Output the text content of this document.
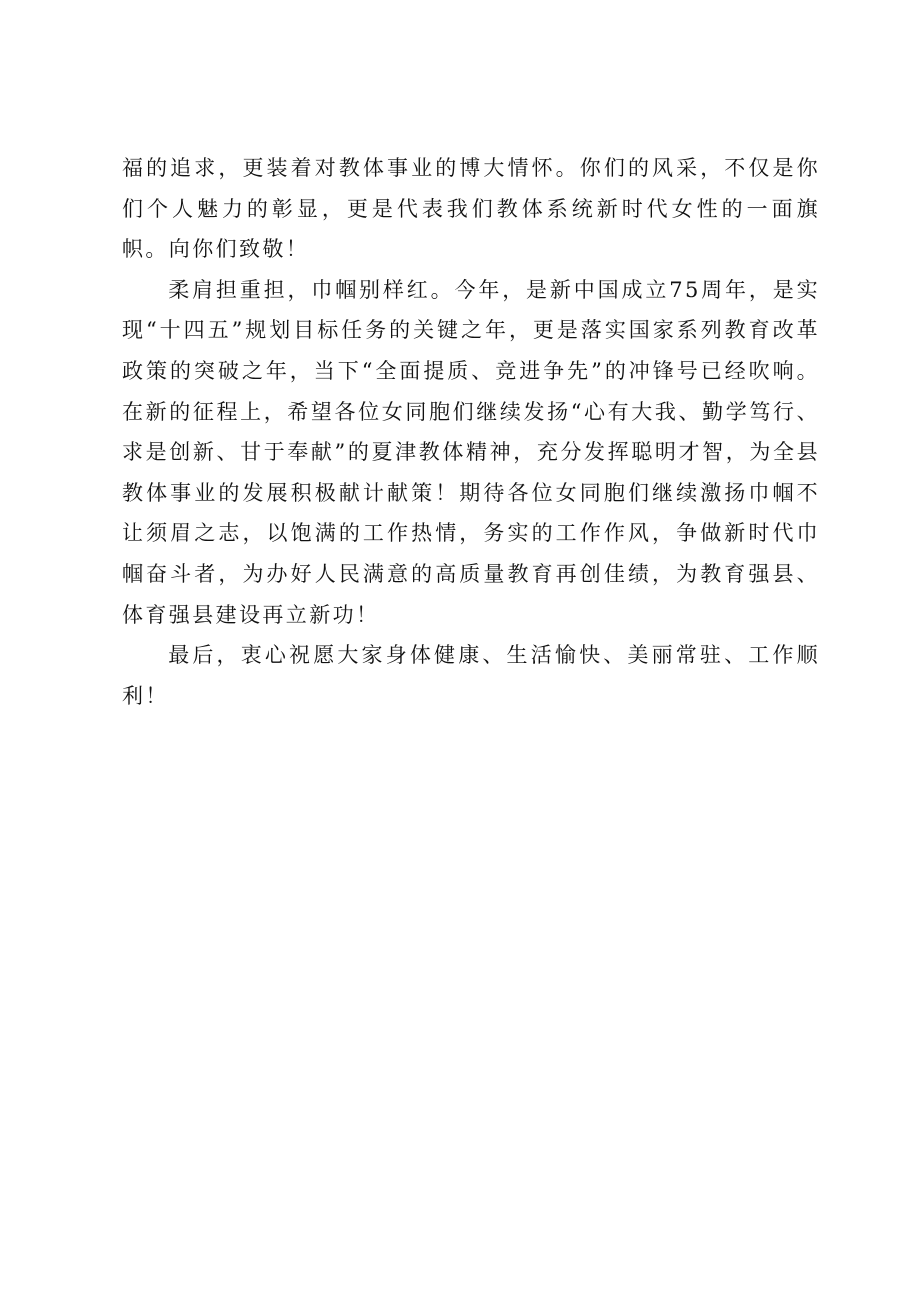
福的追求，更装着对教体事业的博大情怀。你们的风采，不仅是你们个人魅力的彰显，更是代表我们教体系统新时代女性的一面旗帜。向你们致敬！

柔肩担重担，巾帼别样红。今年，是新中国成立75周年，是实现“十四五”规划目标任务的关键之年，更是落实国家系列教育改革政策的突破之年，当下“全面提质、竞进争先”的冲锋号已经吹响。在新的征程上，希望各位女同胞们继续发扬“心有大我、勤学笃行、求是创新、甘于奉献”的夏津教体精神，充分发挥聪明才智，为全县教体事业的发展积极献计献策！期待各位女同胞们继续激扬巾帼不让须眉之志，以饱满的工作热情，务实的工作作风，争做新时代巾帼奋斗者，为办好人民满意的高质量教育再创佳绩，为教育强县、体育强县建设再立新功！

最后，衷心祝愿大家身体健康、生活愉快、美丽常驻、工作顺利！
